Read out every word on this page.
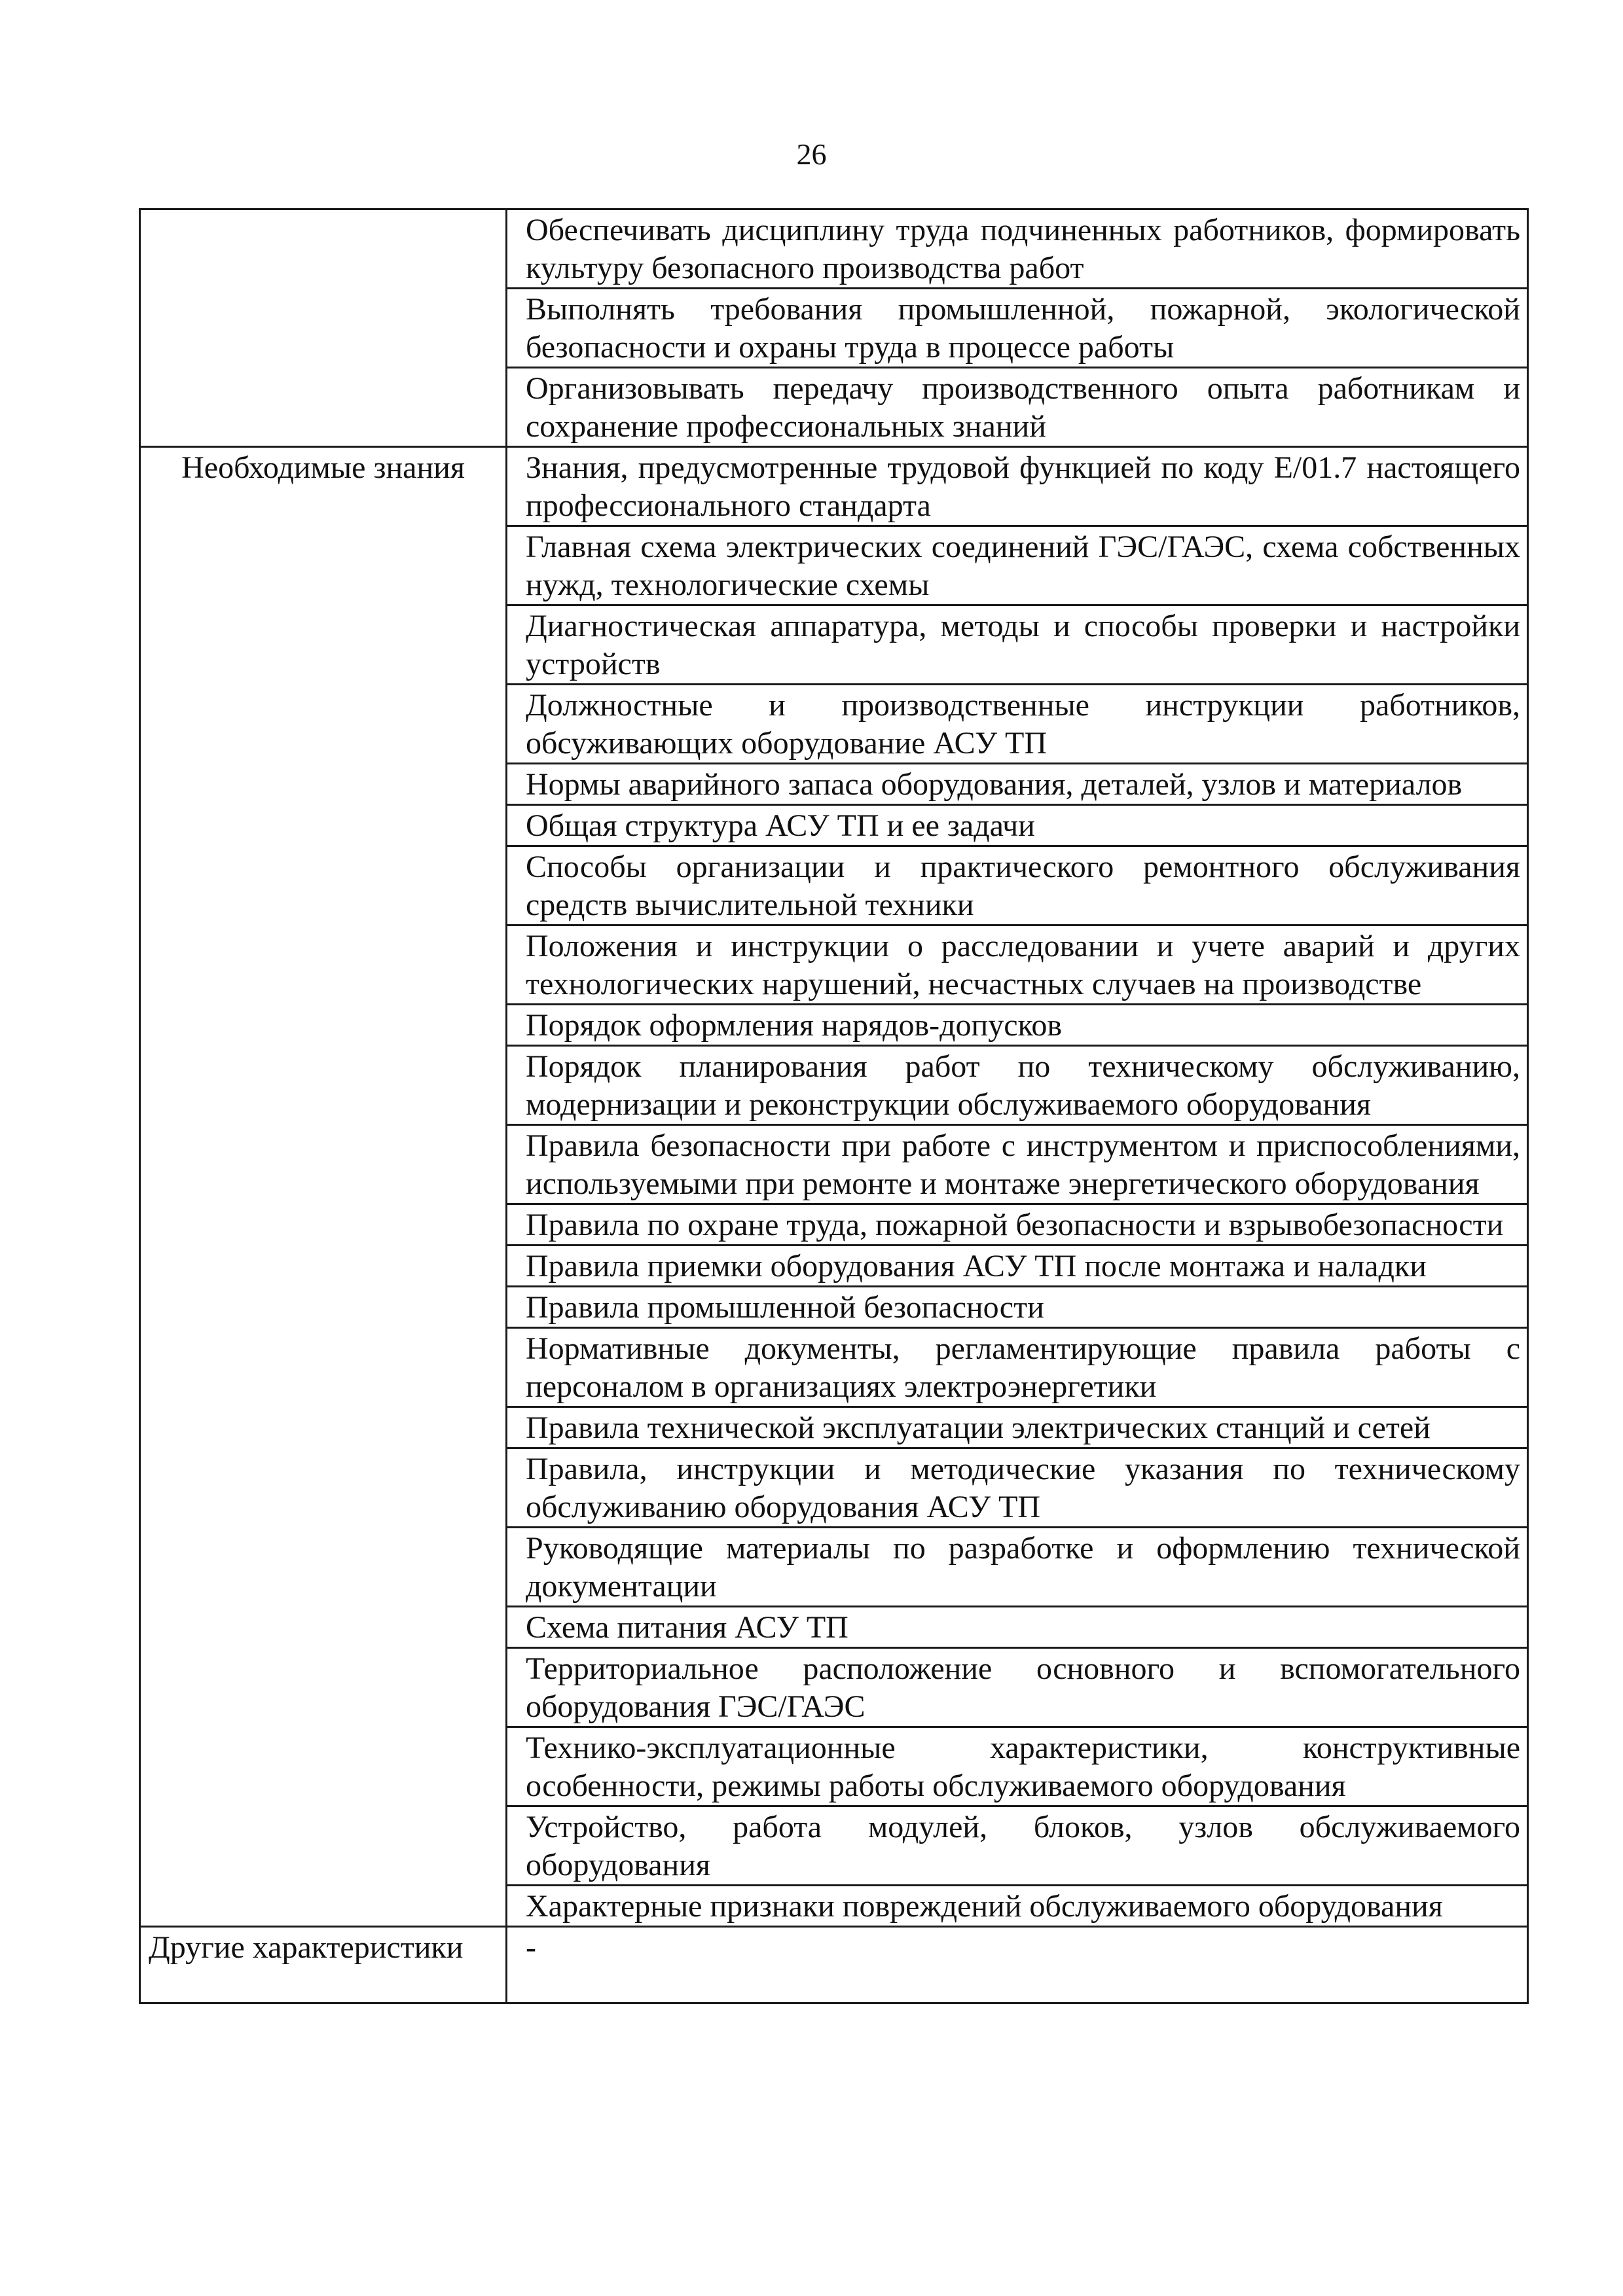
26
	Обеспечивать дисциплину труда подчиненных работников, формировать культуру безопасного производства работ
	Выполнять требования промышленной, пожарной, экологической безопасности и охраны труда в процессе работы
	Организовывать передачу производственного опыта работникам и сохранение профессиональных знаний
Необходимые знания	Знания, предусмотренные трудовой функцией по коду Е/01.7 настоящего профессионального стандарта
	Главная схема электрических соединений ГЭС/ГАЭС, схема собственных нужд, технологические схемы
	Диагностическая аппаратура, методы и способы проверки и настройки устройств
	Должностные и производственные инструкции работников, обсуживающих оборудование АСУ ТП
	Нормы аварийного запаса оборудования, деталей, узлов и материалов
	Общая структура АСУ ТП и ее задачи
	Способы организации и практического ремонтного обслуживания средств вычислительной техники
	Положения и инструкции о расследовании и учете аварий и других технологических нарушений, несчастных случаев на производстве
	Порядок оформления нарядов-допусков
	Порядок планирования работ по техническому обслуживанию, модернизации и реконструкции обслуживаемого оборудования
	Правила безопасности при работе с инструментом и приспособлениями, используемыми при ремонте и монтаже энергетического оборудования
	Правила по охране труда, пожарной безопасности и взрывобезопасности
	Правила приемки оборудования АСУ ТП после монтажа и наладки
	Правила промышленной безопасности
	Нормативные документы, регламентирующие правила работы с персоналом в организациях электроэнергетики
	Правила технической эксплуатации электрических станций и сетей
	Правила, инструкции и методические указания по техническому обслуживанию оборудования АСУ ТП
	Руководящие материалы по разработке и оформлению технической документации
	Схема питания АСУ ТП
	Территориальное расположение основного и вспомогательного оборудования ГЭС/ГАЭС
	Технико-эксплуатационные характеристики, конструктивные особенности, режимы работы обслуживаемого оборудования
	Устройство, работа модулей, блоков, узлов обслуживаемого оборудования
	Характерные признаки повреждений обслуживаемого оборудования
Другие характеристики	-
